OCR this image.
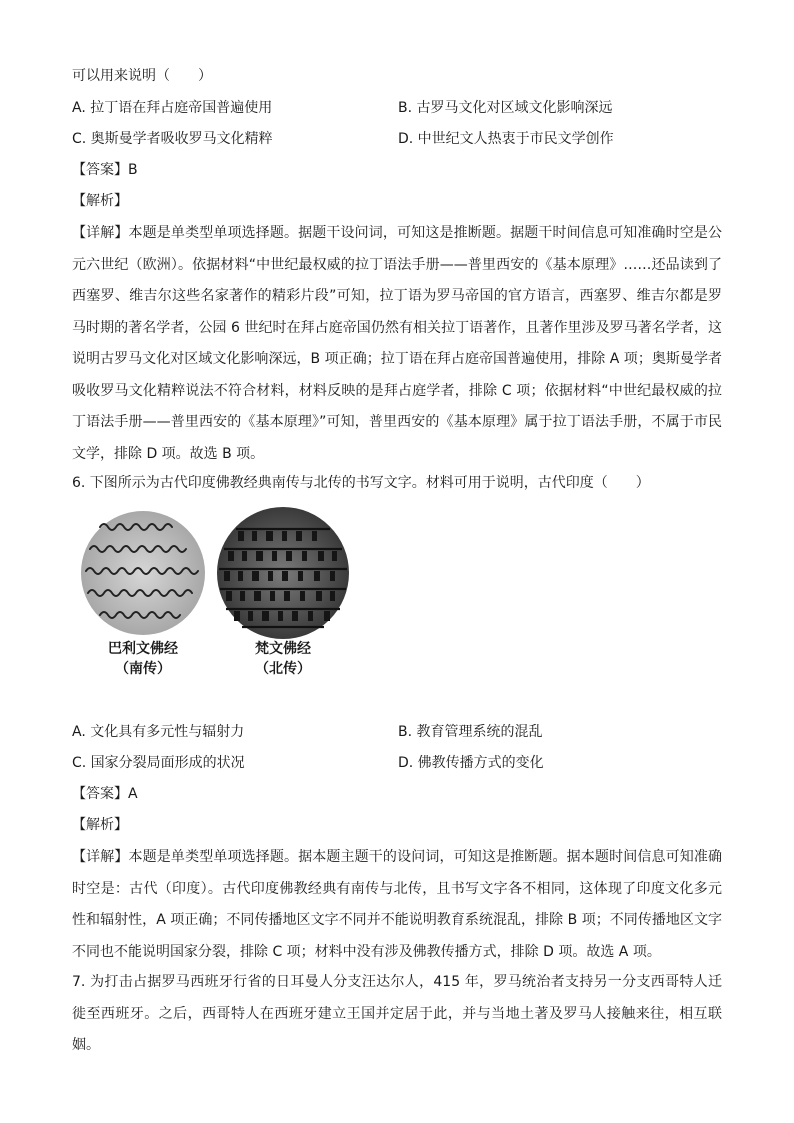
可以用来说明（　　）
A. 拉丁语在拜占庭帝国普遍使用	B. 古罗马文化对区域文化影响深远
C. 奥斯曼学者吸收罗马文化精粹	D. 中世纪文人热衷于市民文学创作
【答案】B
【解析】
【详解】本题是单类型单项选择题。据题干设问词，可知这是推断题。据题干时间信息可知准确时空是公元六世纪（欧洲）。依据材料“中世纪最权威的拉丁语法手册——普里西安的《基本原理》……还品读到了西塞罗、维吉尔这些名家著作的精彩片段”可知，拉丁语为罗马帝国的官方语言，西塞罗、维吉尔都是罗马时期的著名学者，公园 6 世纪时在拜占庭帝国仍然有相关拉丁语著作，且著作里涉及罗马著名学者，这说明古罗马文化对区域文化影响深远，B 项正确；拉丁语在拜占庭帝国普遍使用，排除 A 项；奥斯曼学者吸收罗马文化精粹说法不符合材料，材料反映的是拜占庭学者，排除 C 项；依据材料“中世纪最权威的拉丁语法手册——普里西安的《基本原理》”可知，普里西安的《基本原理》属于拉丁语法手册，不属于市民文学，排除 D 项。故选 B 项。
6. 下图所示为古代印度佛教经典南传与北传的书写文字。材料可用于说明，古代印度（　　）
巴利文佛经
（南传）
梵文佛经
（北传）
A. 文化具有多元性与辐射力	B. 教育管理系统的混乱
C. 国家分裂局面形成的状况	D. 佛教传播方式的变化
【答案】A
【解析】
【详解】本题是单类型单项选择题。据本题主题干的设问词，可知这是推断题。据本题时间信息可知准确时空是：古代（印度）。古代印度佛教经典有南传与北传，且书写文字各不相同，这体现了印度文化多元性和辐射性，A 项正确；不同传播地区文字不同并不能说明教育系统混乱，排除 B 项；不同传播地区文字不同也不能说明国家分裂，排除 C 项；材料中没有涉及佛教传播方式，排除 D 项。故选 A 项。
7. 为打击占据罗马西班牙行省的日耳曼人分支汪达尔人，415 年，罗马统治者支持另一分支西哥特人迁徙至西班牙。之后，西哥特人在西班牙建立王国并定居于此，并与当地土著及罗马人接触来往，相互联姻。
